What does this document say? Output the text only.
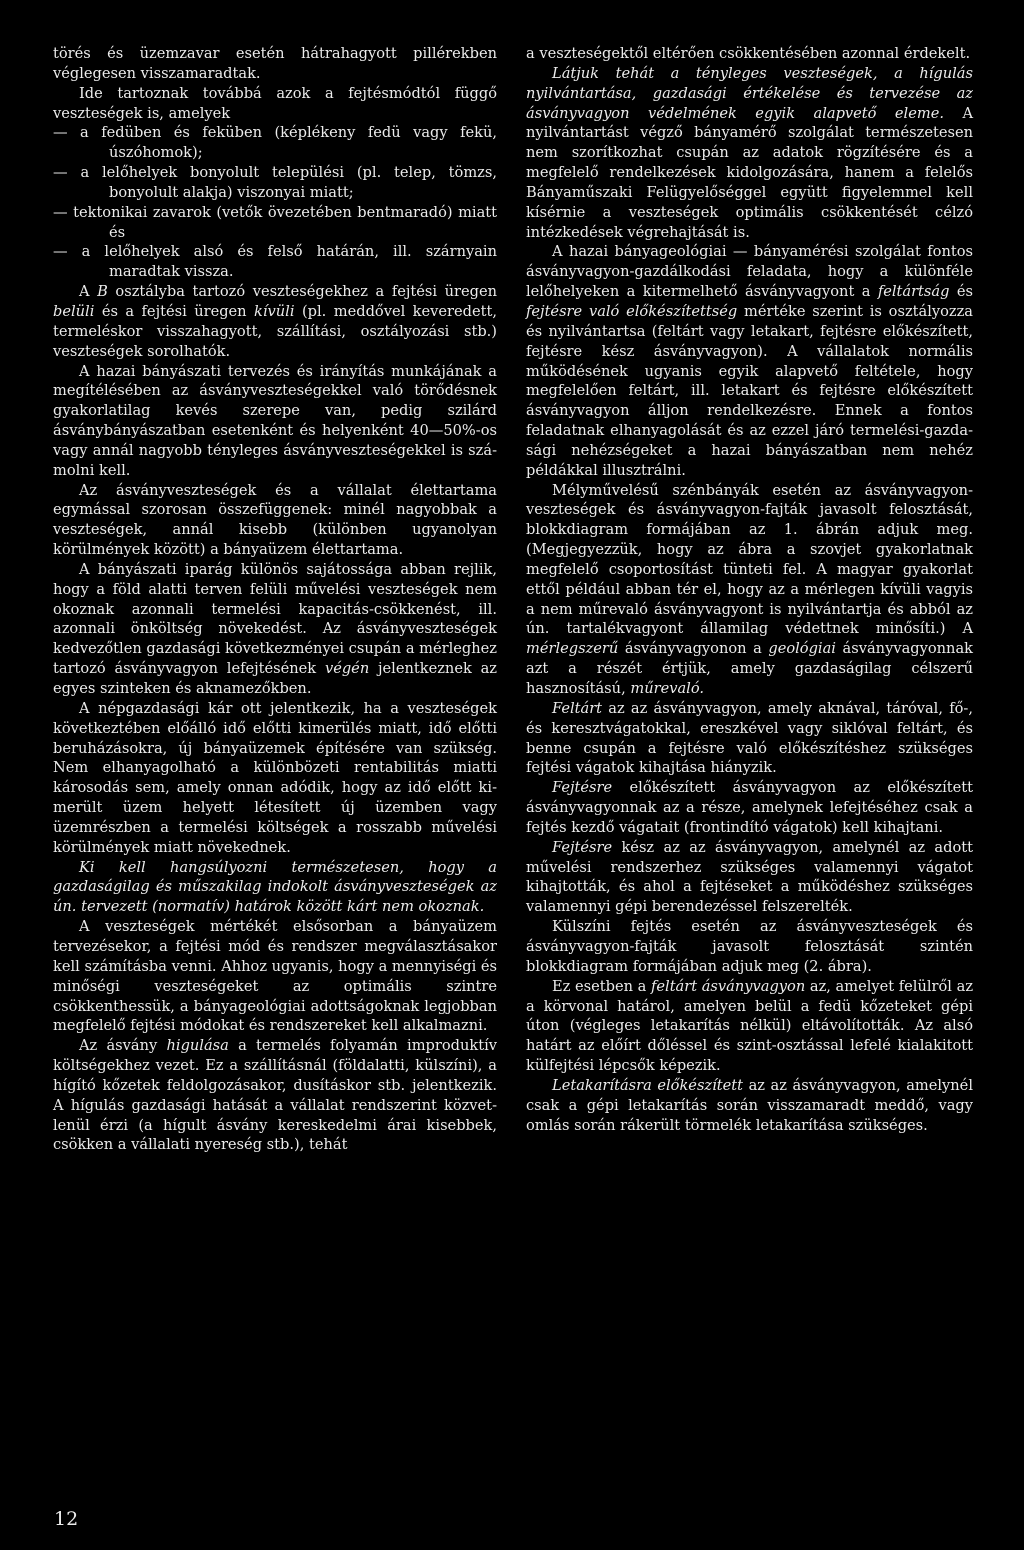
törés és üzemzavar esetén hátrahagyott pillérekben véglegesen visszamaradtak.

Ide tartoznak továbbá azok a fejtésmódtól függő veszteségek is, amelyek

— a fedüben és feküben (képlékeny fedü vagy fekü, úszóhomok);

— a lelőhelyek bonyolult települési (pl. telep, tömzs, bonyolult alakja) viszonyai miatt;

— tektonikai zavarok (vetők övezetében bentmaradó) miatt és

— a lelőhelyek alsó és felső határán, ill. szárnyain maradtak vissza.

A B osztályba tartozó veszteségekhez a fejtési üregen belüli és a fejtési üregen kívüli (pl. meddővel keveredett, termeléskor visszahagyott, szállítási, osztályozási stb.) veszteségek sorolhatók.

A hazai bányászati tervezés és irányítás munkájának a megítélésében az ásványveszteségekkel való törődésnek gyakorlatilag kevés szerepe van, pedig szilárd ásványbányászatban esetenként és helyenként 40—50%-os vagy annál nagyobb tényleges ásványveszteségekkel is számolni kell.

Az ásványveszteségek és a vállalat élettartama egymással szorosan összefüggenek: minél nagyobbak a veszteségek, annál kisebb (különben ugyanolyan körülmények között) a bányaüzem élettartama.

A bányászati iparág különös sajátossága abban rejlik, hogy a föld alatti terven felüli művelési veszteségek nem okoznak azonnali termelési kapacitás-csökkenést, ill. azonnali önköltség növekedést. Az ásványveszteségek kedvezőtlen gazdasági következményei csupán a mérleghez tartozó ásványvagyon lefejtésének végén jelentkeznek az egyes szinteken és aknamezőkben.

A népgazdasági kár ott jelentkezik, ha a veszteségek következtében előálló idő előtti kimerülés miatt, idő előtti beruházásokra, új bányaüzemek építésére van szükség. Nem elhanyagolható a különbözeti rentabilitás miatti károsodás sem, amely onnan adódik, hogy az idő előtt kimerült üzem helyett létesített új üzemben vagy üzemrészben a termelési költségek a rosszabb művelési körülmények miatt növekednek.

Ki kell hangsúlyozni természetesen, hogy a gazdaságilag és műszakilag indokolt ásványveszteségek az ún. tervezett (normatív) határok között kárt nem okoznak.

A veszteségek mértékét elsősorban a bányaüzem tervezésekor, a fejtési mód és rendszer megválasztásakor kell számításba venni. Ahhoz ugyanis, hogy a mennyiségi és minőségi veszteségeket az optimális szintre csökkenthessük, a bányageológiai adottságoknak legjobban megfelelő fejtési módokat és rendszereket kell alkalmazni.

Az ásvány higulása a termelés folyamán improduktív költségekhez vezet. Ez a szállításnál (földalatti, külszíni), a hígító kőzetek feldolgozásakor, dusításkor stb. jelentkezik. A hígulás gazdasági hatását a vállalat rendszerint közvetlenül érzi (a hígult ásvány kereskedelmi árai kisebbek, csökken a vállalati nyereség stb.), tehát

a veszteségektől eltérően csökkentésében azonnal érdekelt.

Látjuk tehát a tényleges veszteségek, a hígulás nyilvántartása, gazdasági értékelése és tervezése az ásványvagyon védelmének egyik alapvető eleme. A nyilvántartást végző bányamérő szolgálat természetesen nem szorítkozhat csupán az adatok rögzítésére és a megfelelő rendelkezések kidolgozására, hanem a felelős Bányaműszaki Felügyelőséggel együtt figyelemmel kell kísérnie a veszteségek optimális csökkentését célzó intézkedések végrehajtását is.

A hazai bányageológiai — bányamérési szolgálat fontos ásványvagyon-gazdálkodási feladata, hogy a különféle lelőhelyeken a kitermelhető ásványvagyont a feltártság és fejtésre való előkészítettség mértéke szerint is osztályozza és nyilvántartsa (feltárt vagy letakart, fejtésre előkészített, fejtésre kész ásványvagyon). A vállalatok normális működésének ugyanis egyik alapvető feltétele, hogy megfelelően feltárt, ill. letakart és fejtésre előkészített ásványvagyon álljon rendelkezésre. Ennek a fontos feladatnak elhanyagolását és az ezzel járó termelési-gazdasági nehézségeket a hazai bányászatban nem nehéz példákkal illusztrálni.

Mélyművelésű szénbányák esetén az ásványvagyon-veszteségek és ásványvagyon-fajták javasolt felosztását, blokkdiagram formájában az 1. ábrán adjuk meg. (Megjegyezzük, hogy az ábra a szovjet gyakorlatnak megfelelő csoportosítást tünteti fel. A magyar gyakorlat ettől például abban tér el, hogy az a mérlegen kívüli vagyis a nem műrevaló ásványvagyont is nyilvántartja és abból az ún. tartalékvagyont államilag védettnek minősíti.) A mérlegszerű ásványvagyonon a geológiai ásványvagyonnak azt a részét értjük, amely gazdaságilag célszerű hasznosítású, műrevaló.

Feltárt az az ásványvagyon, amely aknával, táróval, fő-, és keresztvágatokkal, ereszkével vagy siklóval feltárt, és benne csupán a fejtésre való előkészítéshez szükséges fejtési vágatok kihajtása hiányzik.

Fejtésre előkészített ásványvagyon az előkészített ásványvagyonnak az a része, amelynek lefejtéséhez csak a fejtés kezdő vágatait (frontindító vágatok) kell kihajtani.

Fejtésre kész az az ásványvagyon, amelynél az adott művelési rendszerhez szükséges valamennyi vágatot kihajtották, és ahol a fejtéseket a működéshez szükséges valamennyi gépi berendezéssel felszerelték.

Külszíni fejtés esetén az ásványveszteségek és ásványvagyon-fajták javasolt felosztását szintén blokkdiagram formájában adjuk meg (2. ábra).

Ez esetben a feltárt ásványvagyon az, amelyet felülről az a körvonal határol, amelyen belül a fedü kőzeteket gépi úton (végleges letakarítás nélkül) eltávolították. Az alsó határt az előírt dőléssel és szint-osztással lefelé kialakitott külfejtési lépcsők képezik.

Letakarításra előkészített az az ásványvagyon, amelynél csak a gépi letakarítás során visszamaradt meddő, vagy omlás során rákerült törmelék letakarítása szükséges.

12
